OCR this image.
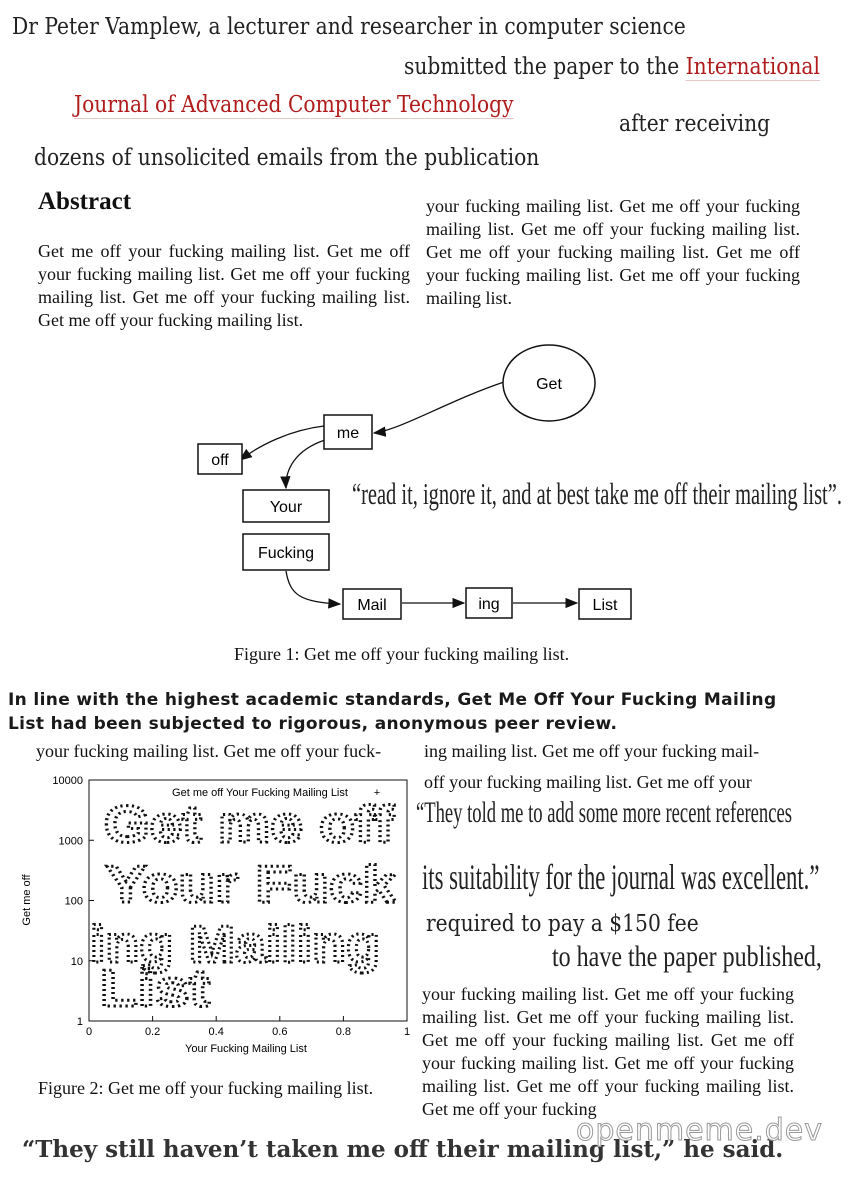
Dr Peter Vamplew, a lecturer and researcher in computer science
submitted the paper to the International
Journal of Advanced Computer Technology
after receiving
dozens of unsolicited emails from the publication
Abstract

Get me off your fucking mailing list. Get me off your fucking mailing list. Get me off your fucking mailing list. Get me off your fucking mailing list. Get me off your fucking mailing list.

your fucking mailing list. Get me off your fucking mailing list. Get me off your fucking mailing list. Get me off your fucking mailing list. Get me off your fucking mailing list. Get me off your fucking mailing list.

Get
me
off
Your
Fucking
Mail	ing	List
“read it, ignore it, and at best take me off their mailing list”.
Figure 1: Get me off your fucking mailing list.
In line with the highest academic standards, Get Me Off Your Fucking Mailing
List had been subjected to rigorous, anonymous peer review.
your fucking mailing list. Get me off your fuck-	ing mailing list. Get me off your fucking mail-
off your fucking mailing list. Get me off your
0	0.2	0.4	0.6	0.8	1
1
10
100
1000
10000
Get me off Your Fucking Mailing List +
Your Fucking Mailing List
Get me off
Get me off
Your Fuck
ing Mailing
List
Figure 2: Get me off your fucking mailing list.
“They told me to add some more recent references
its suitability for the journal was excellent.”
required to pay a $150 fee
to have the paper published,

your fucking mailing list. Get me off your fucking mailing list. Get me off your fucking mailing list. Get me off your fucking mailing list. Get me off your fucking mailing list. Get me off your fucking mailing list. Get me off your fucking mailing list. Get me off your fucking

“They still haven’t taken me off their mailing list,” he said.
openmeme.dev
